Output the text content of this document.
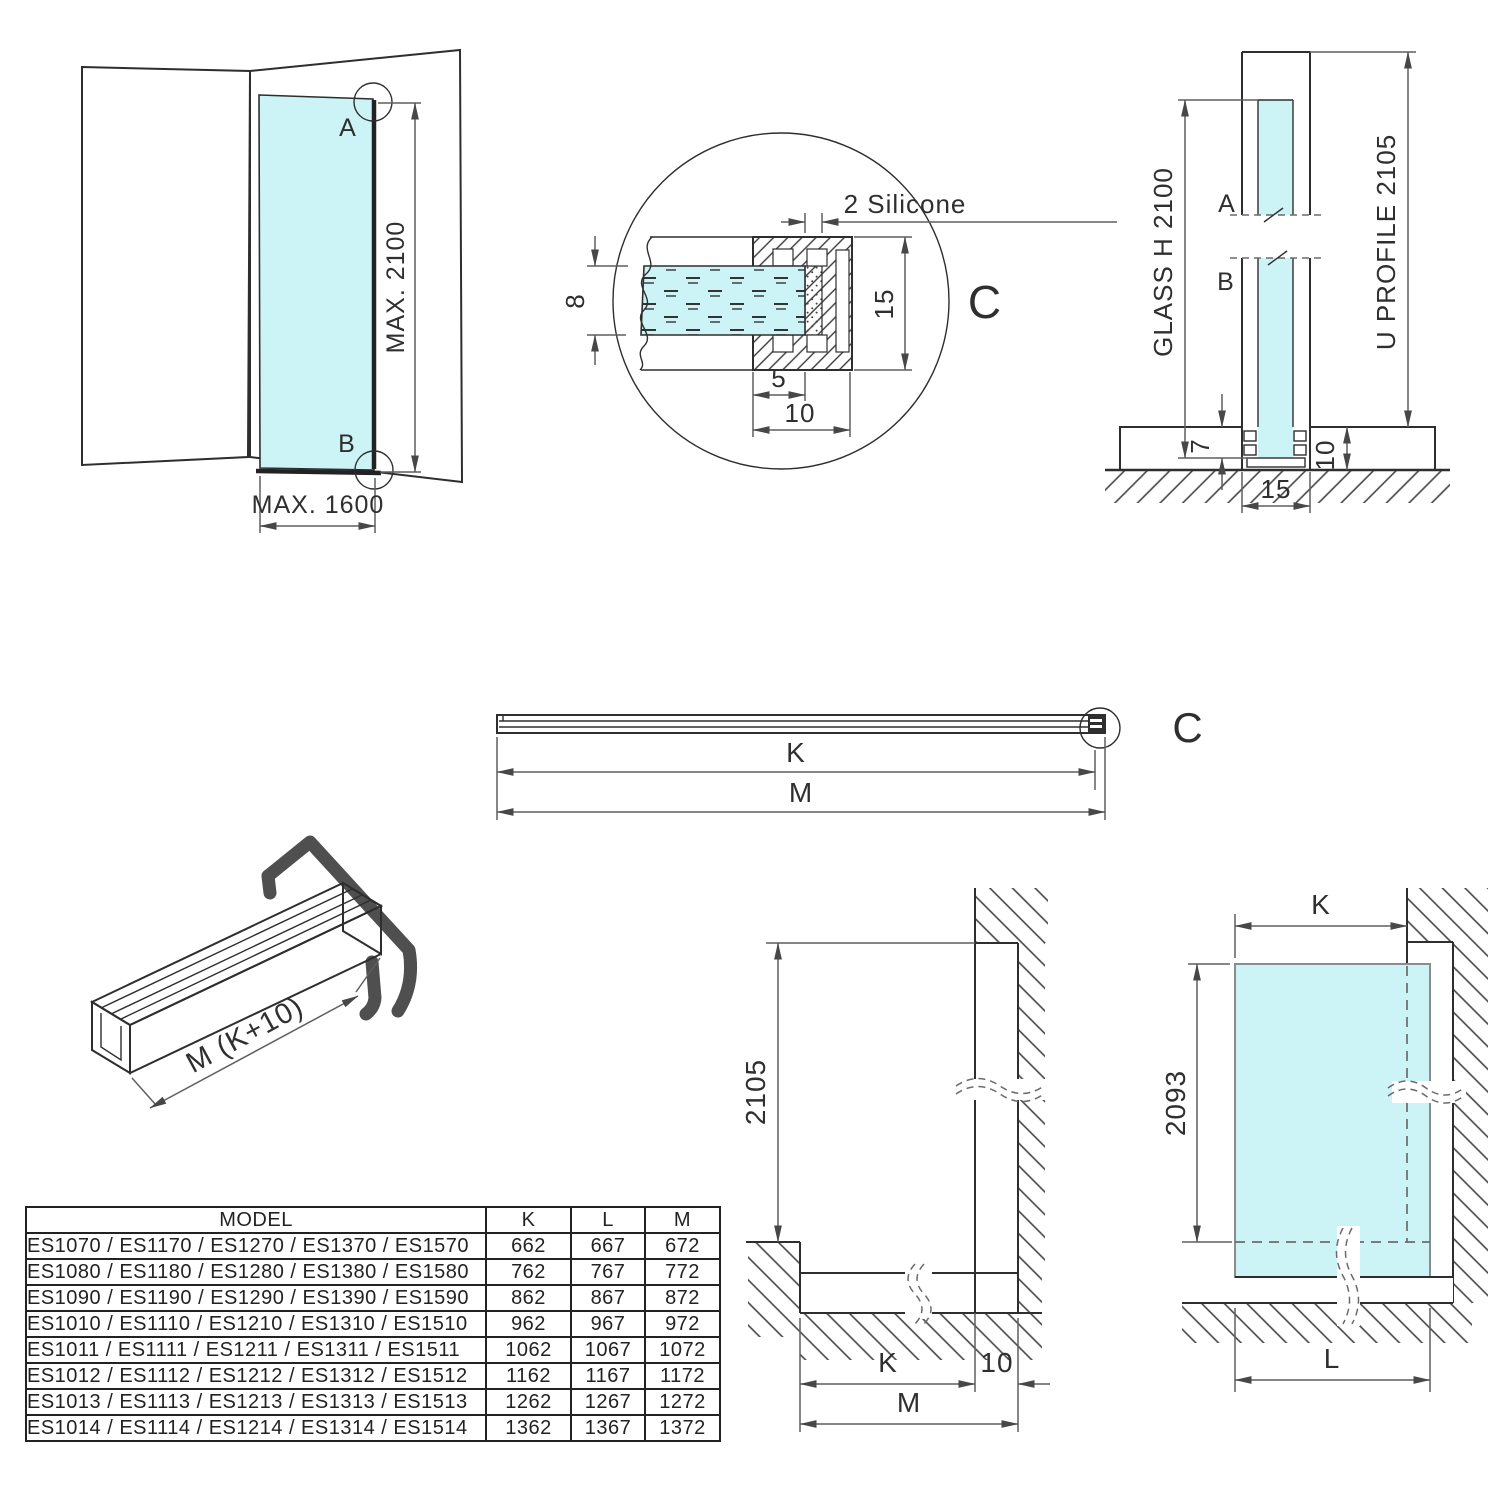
A
B
MAX. 2100
MAX. 1600
2 Silicone
8	15
5
10
C
A
B
GLASS H 2100	U PROFILE 2105
7	10
15
C
K
M
M (K+10)
2105
K	10
M
K
2093
L
MODEL	K	L	M
ES1070 / ES1170 / ES1270 / ES1370 / ES1570	662	667	672
ES1080 / ES1180 / ES1280 / ES1380 / ES1580	762	767	772
ES1090 / ES1190 / ES1290 / ES1390 / ES1590	862	867	872
ES1010 / ES1110 / ES1210 / ES1310 / ES1510	962	967	972
ES1011 / ES1111 / ES1211 / ES1311 / ES1511	1062	1067	1072
ES1012 / ES1112 / ES1212 / ES1312 / ES1512	1162	1167	1172
ES1013 / ES1113 / ES1213 / ES1313 / ES1513	1262	1267	1272
ES1014 / ES1114 / ES1214 / ES1314 / ES1514	1362	1367	1372
